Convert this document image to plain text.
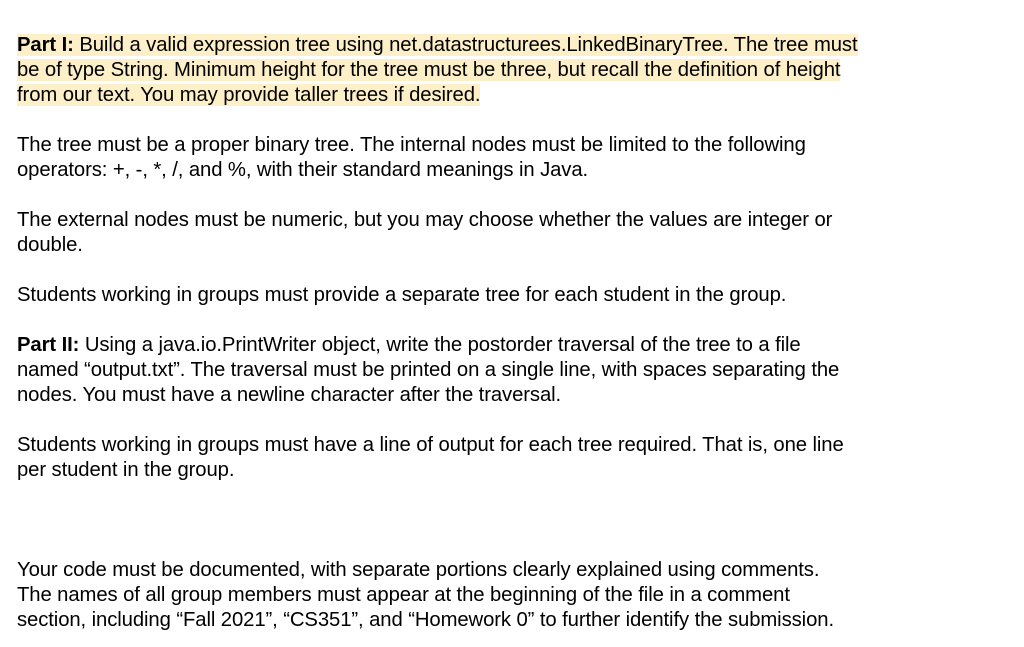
Part I: Build a valid expression tree using net.datastructurees.LinkedBinaryTree. The tree must
be of type String. Minimum height for the tree must be three, but recall the definition of height
from our text. You may provide taller trees if desired.

The tree must be a proper binary tree. The internal nodes must be limited to the following
operators: +, -, *, /, and %, with their standard meanings in Java.

The external nodes must be numeric, but you may choose whether the values are integer or
double.

Students working in groups must provide a separate tree for each student in the group.

Part II: Using a java.io.PrintWriter object, write the postorder traversal of the tree to a file
named “output.txt”. The traversal must be printed on a single line, with spaces separating the
nodes. You must have a newline character after the traversal.

Students working in groups must have a line of output for each tree required. That is, one line
per student in the group.

Your code must be documented, with separate portions clearly explained using comments.
The names of all group members must appear at the beginning of the file in a comment
section, including “Fall 2021”, “CS351”, and “Homework 0” to further identify the submission.
